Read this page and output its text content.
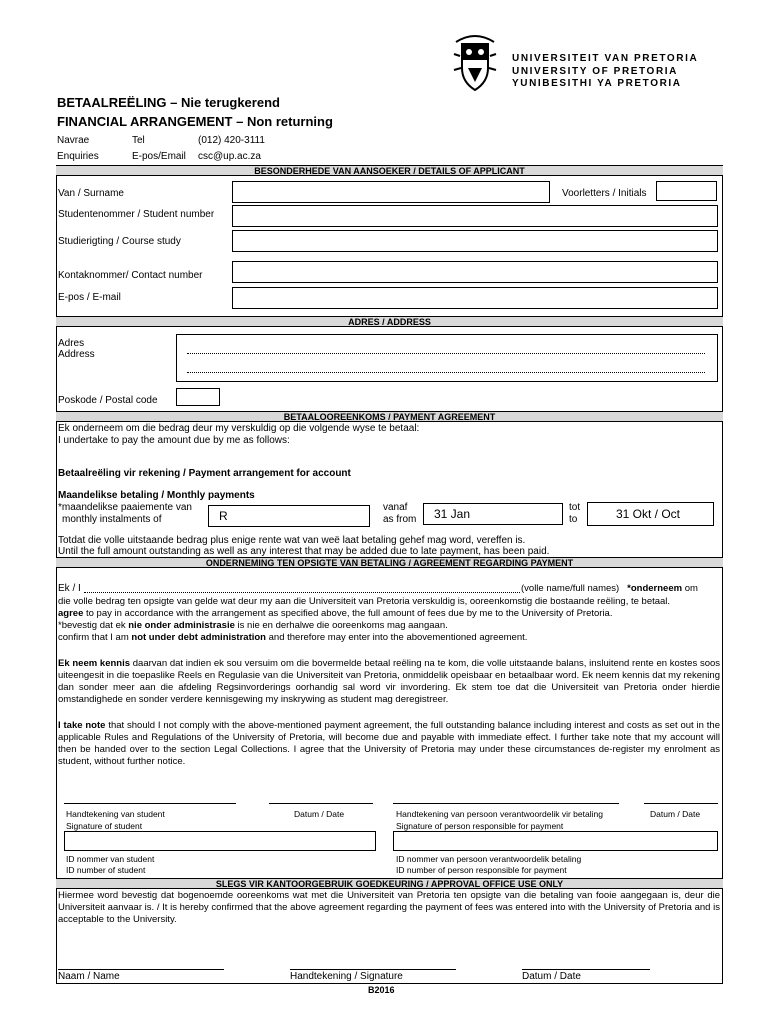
UNIVERSITEIT VAN PRETORIA
UNIVERSITY OF PRETORIA
YUNIBESITHI YA PRETORIA
BETAALREËLING – Nie terugkerend
FINANCIAL ARRANGEMENT – Non returning
Navrae	Tel	(012) 420-3111
Enquiries	E-pos/Email csc@up.ac.za
BESONDERHEDE VAN AANSOEKER / DETAILS OF APPLICANT
Van / Surname	Voorletters / Initials
Studentenommer / Student number
Studierigting / Course study
Kontaknommer/ Contact number
E-pos / E-mail
ADRES / ADDRESS
Adres
Address
Poskode / Postal code
BETAALOOREENKOMS / PAYMENT AGREEMENT
Ek onderneem om die bedrag deur my verskuldig op die volgende wyse te betaal:
I undertake to pay the amount due by me as follows:
Betaalreëling vir rekening / Payment arrangement for account
Maandelikse betaling / Monthly payments
*maandelikse paaiemente van
monthly instalments of	R
vanaf
as from	31 Jan	tot
to	31 Okt / Oct
Totdat die volle uitstaande bedrag plus enige rente wat van weë laat betaling gehef mag word, vereffen is.
Until the full amount outstanding as well as any interest that may be added due to late payment, has been paid.
ONDERNEMING TEN OPSIGTE VAN BETALING / AGREEMENT REGARDING PAYMENT
Ek / I	(volle name/full names) *onderneem om
die volle bedrag ten opsigte van gelde wat deur my aan die Universiteit van Pretoria verskuldig is, ooreenkomstig die bostaande reëling, te betaal.
agree to pay in accordance with the arrangement as specified above, the full amount of fees due by me to the University of Pretoria.
*bevestig dat ek nie onder administrasie is nie en derhalwe die ooreenkoms mag aangaan.
confirm that I am not under debt administration and therefore may enter into the abovementioned agreement.
Ek neem kennis daarvan dat indien ek sou versuim om die bovermelde betaal reëling na te kom, die volle uitstaande balans, insluitend rente en kostes soos uiteengesit in die toepaslike Reels en Regulasie van die Universiteit van Pretoria, onmiddelik opeisbaar en betaalbaar word. Ek neem kennis dat my rekening dan sonder meer aan die afdeling Regsinvorderings oorhandig sal word vir invordering. Ek stem toe dat die Universiteit van Pretoria onder hierdie omstandighede en sonder verdere kennisgewing my inskrywing as student mag deregistreer.
I take note that should I not comply with the above-mentioned payment agreement, the full outstanding balance including interest and costs as set out in the applicable Rules and Regulations of the University of Pretoria, will become due and payable with immediate effect. I further take note that my account will then be handed over to the section Legal Collections. I agree that the University of Pretoria may under these circumstances de-register my enrolment as student, without further notice.
Handtekening van student
Signature of student
Datum / Date	Handtekening van persoon verantwoordelik vir betaling
Signature of person responsible for payment
Datum / Date
ID nommer van student
ID number of student
ID nommer van persoon verantwoordelik betaling
ID number of person responsible for payment
SLEGS VIR KANTOORGEBRUIK GOEDKEURING / APPROVAL OFFICE USE ONLY
Hiermee word bevestig dat bogenoemde ooreenkoms wat met die Universiteit van Pretoria ten opsigte van die betaling van fooie aangegaan is, deur die Universiteit aanvaar is. / It is hereby confirmed that the above agreement regarding the payment of fees was entered into with the University of Pretoria and is acceptable to the University.
Naam / Name	Handtekening / Signature	Datum / Date
B2016
